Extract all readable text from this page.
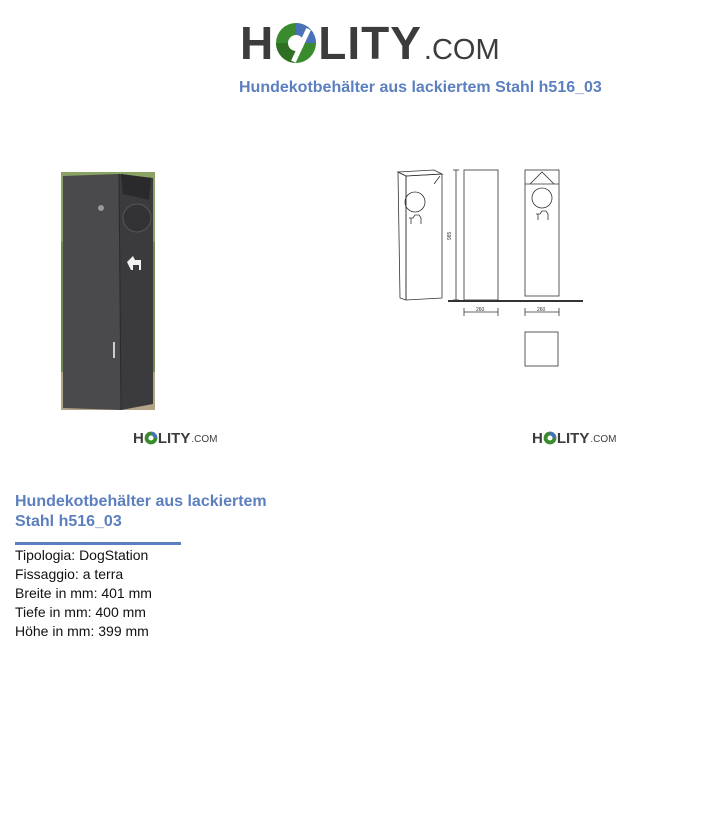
H LITY .COM
Hundekotbehälter aus lackiertem Stahl h516_03
985
260	260
H LITY .COM	H LITY .COM
Hundekotbehälter aus lackiertem Stahl h516_03
Tipologia: DogStation
Fissaggio: a terra
Breite in mm: 401 mm
Tiefe in mm: 400 mm
Höhe in mm: 399 mm
